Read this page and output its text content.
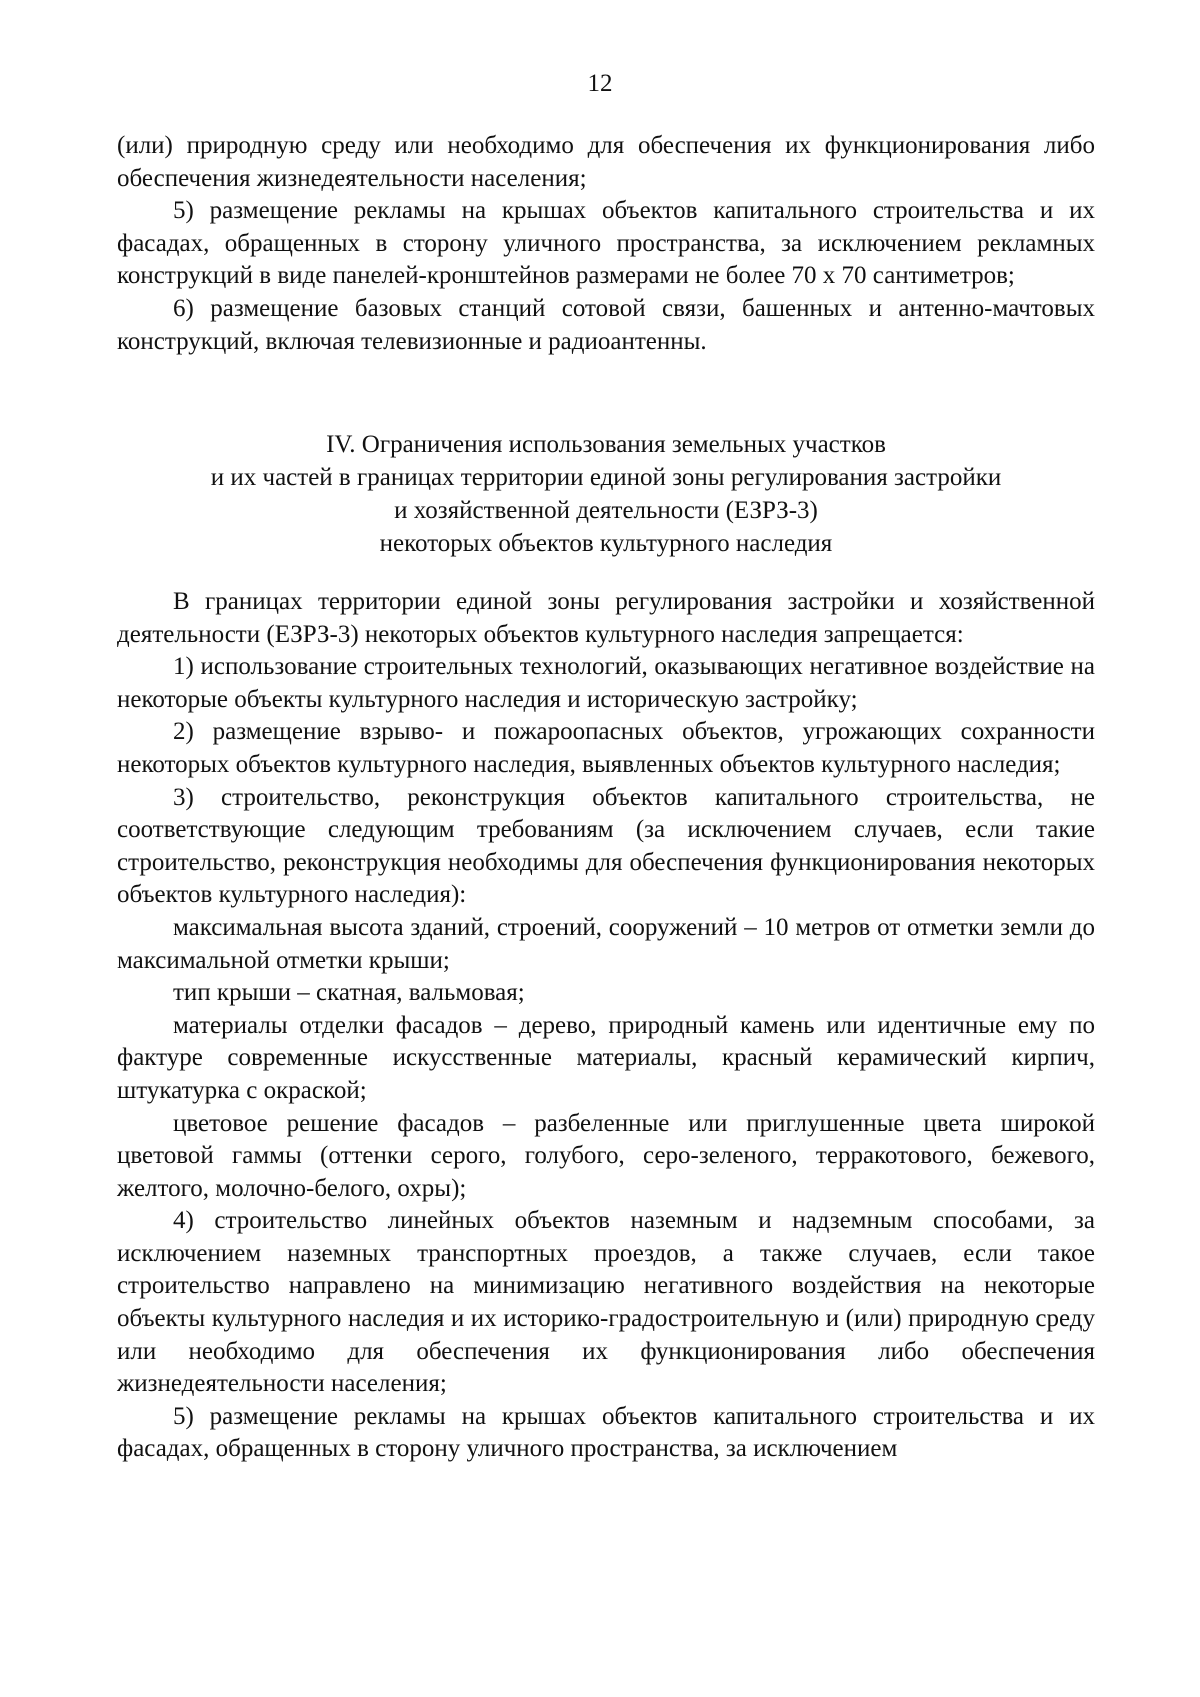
12

(или) природную среду или необходимо для обеспечения их функционирования либо обеспечения жизнедеятельности населения;

5) размещение рекламы на крышах объектов капитального строительства и их фасадах, обращенных в сторону уличного пространства, за исключением рекламных конструкций в виде панелей-кронштейнов размерами не более 70 х 70 сантиметров;

6) размещение базовых станций сотовой связи, башенных и антенно-мачтовых конструкций, включая телевизионные и радиоантенны.

IV. Ограничения использования земельных участков
и их частей в границах территории единой зоны регулирования застройки
и хозяйственной деятельности (ЕЗРЗ-3)
некоторых объектов культурного наследия

В границах территории единой зоны регулирования застройки и хозяйственной деятельности (ЕЗРЗ-3) некоторых объектов культурного наследия запрещается:

1) использование строительных технологий, оказывающих негативное воздействие на некоторые объекты культурного наследия и историческую застройку;

2) размещение взрыво- и пожароопасных объектов, угрожающих сохранности некоторых объектов культурного наследия, выявленных объектов культурного наследия;

3) строительство, реконструкция объектов капитального строительства, не соответствующие следующим требованиям (за исключением случаев, если такие строительство, реконструкция необходимы для обеспечения функционирования некоторых объектов культурного наследия):

максимальная высота зданий, строений, сооружений – 10 метров от отметки земли до максимальной отметки крыши;

тип крыши – скатная, вальмовая;

материалы отделки фасадов – дерево, природный камень или идентичные ему по фактуре современные искусственные материалы, красный керамический кирпич, штукатурка с окраской;

цветовое решение фасадов – разбеленные или приглушенные цвета широкой цветовой гаммы (оттенки серого, голубого, серо-зеленого, терракотового, бежевого, желтого, молочно-белого, охры);

4) строительство линейных объектов наземным и надземным способами, за исключением наземных транспортных проездов, а также случаев, если такое строительство направлено на минимизацию негативного воздействия на некоторые объекты культурного наследия и их историко-градостроительную и (или) природную среду или необходимо для обеспечения их функционирования либо обеспечения жизнедеятельности населения;

5) размещение рекламы на крышах объектов капитального строительства и их фасадах, обращенных в сторону уличного пространства, за исключением
